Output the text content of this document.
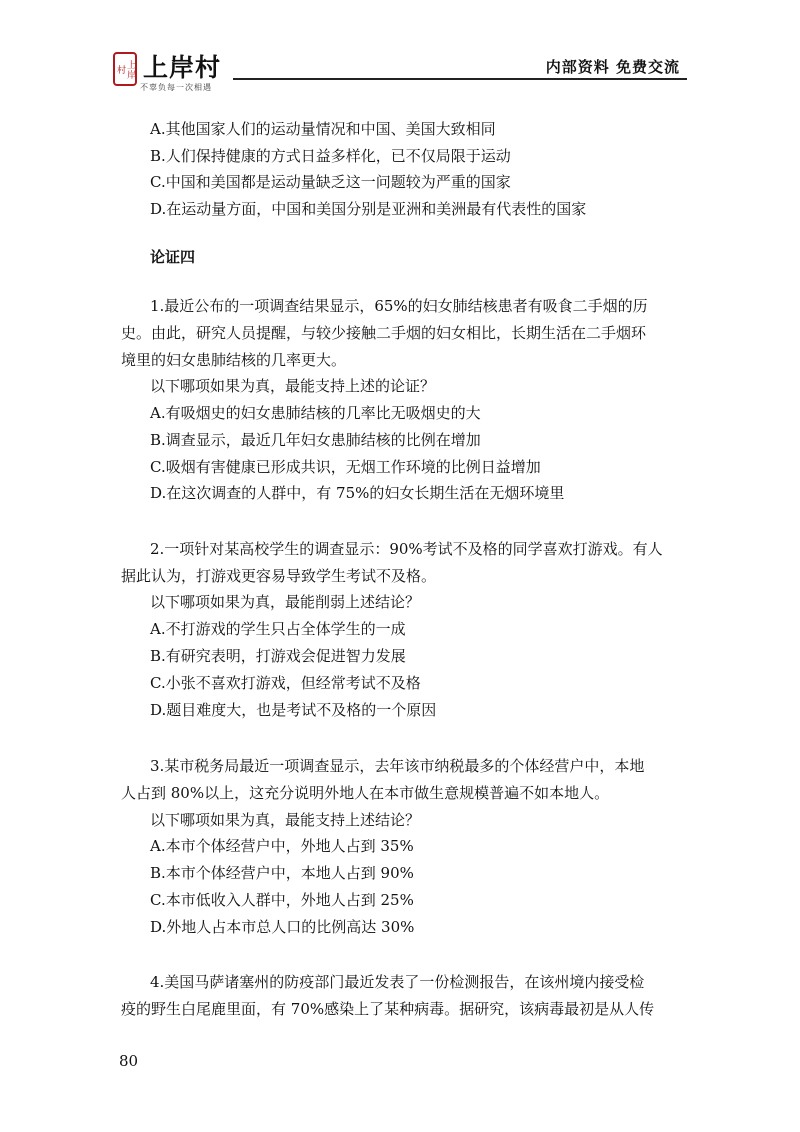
上岸村 上岸村
不辜负每一次相遇
内部资料 免费交流
A.其他国家人们的运动量情况和中国、美国大致相同
B.人们保持健康的方式日益多样化，已不仅局限于运动
C.中国和美国都是运动量缺乏这一问题较为严重的国家
D.在运动量方面，中国和美国分别是亚洲和美洲最有代表性的国家
论证四
1.最近公布的一项调查结果显示，65%的妇女肺结核患者有吸食二手烟的历
史。由此，研究人员提醒，与较少接触二手烟的妇女相比，长期生活在二手烟环
境里的妇女患肺结核的几率更大。
以下哪项如果为真，最能支持上述的论证？
A.有吸烟史的妇女患肺结核的几率比无吸烟史的大
B.调查显示，最近几年妇女患肺结核的比例在增加
C.吸烟有害健康已形成共识，无烟工作环境的比例日益增加
D.在这次调查的人群中，有 75%的妇女长期生活在无烟环境里
2.一项针对某高校学生的调查显示：90%考试不及格的同学喜欢打游戏。有人
据此认为，打游戏更容易导致学生考试不及格。
以下哪项如果为真，最能削弱上述结论？
A.不打游戏的学生只占全体学生的一成
B.有研究表明，打游戏会促进智力发展
C.小张不喜欢打游戏，但经常考试不及格
D.题目难度大，也是考试不及格的一个原因
3.某市税务局最近一项调查显示，去年该市纳税最多的个体经营户中，本地
人占到 80%以上，这充分说明外地人在本市做生意规模普遍不如本地人。
以下哪项如果为真，最能支持上述结论？
A.本市个体经营户中，外地人占到 35%
B.本市个体经营户中，本地人占到 90%
C.本市低收入人群中，外地人占到 25%
D.外地人占本市总人口的比例高达 30%
4.美国马萨诸塞州的防疫部门最近发表了一份检测报告，在该州境内接受检
疫的野生白尾鹿里面，有 70%感染上了某种病毒。据研究，该病毒最初是从人传
80
